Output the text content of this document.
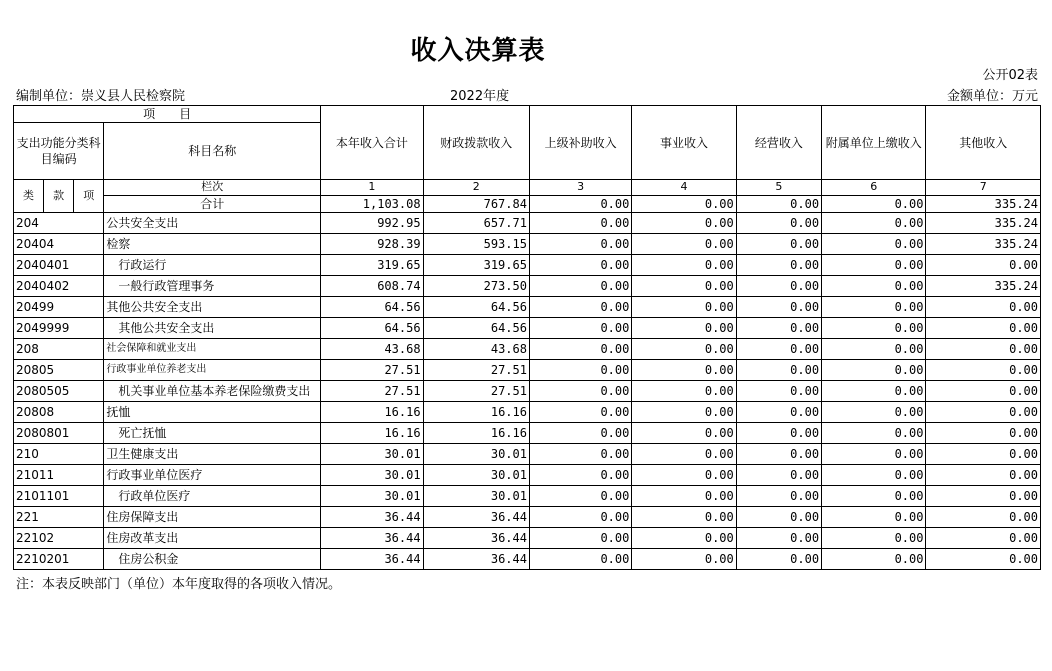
收入决算表
公开02表
编制单位：崇义县人民检察院	2022年度	金额单位：万元
项　　目				本年收入合计	财政拨款收入	上级补助收入	事业收入	经营收入	附属单位上缴收入	其他收入
支出功能分类科目编码			科目名称							
类	款	项	栏次	1	2	3	4	5	6	7
			合计	1,103.08	767.84	0.00	0.00	0.00	0.00	335.24
204			公共安全支出	992.95	657.71	0.00	0.00	0.00	0.00	335.24
20404			检察	928.39	593.15	0.00	0.00	0.00	0.00	335.24
2040401			行政运行	319.65	319.65	0.00	0.00	0.00	0.00	0.00
2040402			一般行政管理事务	608.74	273.50	0.00	0.00	0.00	0.00	335.24
20499			其他公共安全支出	64.56	64.56	0.00	0.00	0.00	0.00	0.00
2049999			其他公共安全支出	64.56	64.56	0.00	0.00	0.00	0.00	0.00
208			社会保障和就业支出	43.68	43.68	0.00	0.00	0.00	0.00	0.00
20805			行政事业单位养老支出	27.51	27.51	0.00	0.00	0.00	0.00	0.00
2080505			机关事业单位基本养老保险缴费支出	27.51	27.51	0.00	0.00	0.00	0.00	0.00
20808			抚恤	16.16	16.16	0.00	0.00	0.00	0.00	0.00
2080801			死亡抚恤	16.16	16.16	0.00	0.00	0.00	0.00	0.00
210			卫生健康支出	30.01	30.01	0.00	0.00	0.00	0.00	0.00
21011			行政事业单位医疗	30.01	30.01	0.00	0.00	0.00	0.00	0.00
2101101			行政单位医疗	30.01	30.01	0.00	0.00	0.00	0.00	0.00
221			住房保障支出	36.44	36.44	0.00	0.00	0.00	0.00	0.00
22102			住房改革支出	36.44	36.44	0.00	0.00	0.00	0.00	0.00
2210201			住房公积金	36.44	36.44	0.00	0.00	0.00	0.00	0.00
注：本表反映部门（单位）本年度取得的各项收入情况。
